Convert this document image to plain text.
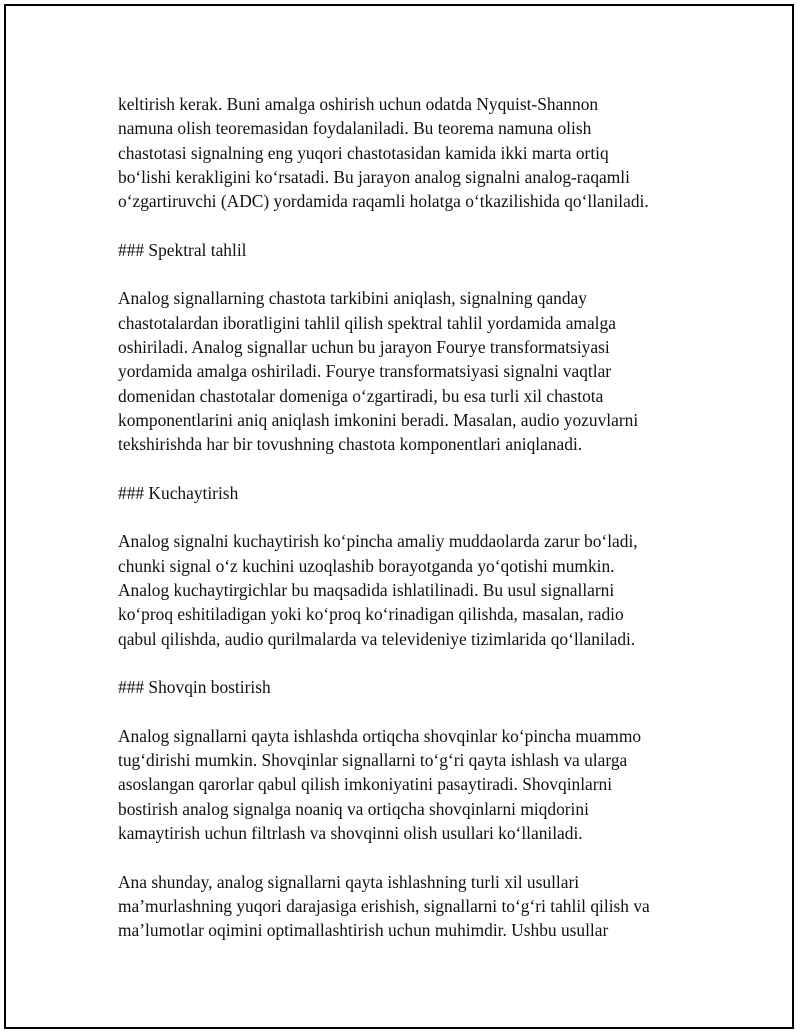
keltirish kerak. Buni amalga oshirish uchun odatda Nyquist-Shannon
namuna olish teoremasidan foydalaniladi. Bu teorema namuna olish
chastotasi signalning eng yuqori chastotasidan kamida ikki marta ortiq
bo‘lishi kerakligini ko‘rsatadi. Bu jarayon analog signalni analog-raqamli
o‘zgartiruvchi (ADC) yordamida raqamli holatga o‘tkazilishida qo‘llaniladi.
### Spektral tahlil
Analog signallarning chastota tarkibini aniqlash, signalning qanday
chastotalardan iboratligini tahlil qilish spektral tahlil yordamida amalga
oshiriladi. Analog signallar uchun bu jarayon Fourye transformatsiyasi
yordamida amalga oshiriladi. Fourye transformatsiyasi signalni vaqtlar
domenidan chastotalar domeniga o‘zgartiradi, bu esa turli xil chastota
komponentlarini aniq aniqlash imkonini beradi. Masalan, audio yozuvlarni
tekshirishda har bir tovushning chastota komponentlari aniqlanadi.
### Kuchaytirish
Analog signalni kuchaytirish ko‘pincha amaliy muddaolarda zarur bo‘ladi,
chunki signal o‘z kuchini uzoqlashib borayotganda yo‘qotishi mumkin.
Analog kuchaytirgichlar bu maqsadida ishlatilinadi. Bu usul signallarni
ko‘proq eshitiladigan yoki ko‘proq ko‘rinadigan qilishda, masalan, radio
qabul qilishda, audio qurilmalarda va televideniye tizimlarida qo‘llaniladi.
### Shovqin bostirish
Analog signallarni qayta ishlashda ortiqcha shovqinlar ko‘pincha muammo
tug‘dirishi mumkin. Shovqinlar signallarni to‘g‘ri qayta ishlash va ularga
asoslangan qarorlar qabul qilish imkoniyatini pasaytiradi. Shovqinlarni
bostirish analog signalga noaniq va ortiqcha shovqinlarni miqdorini
kamaytirish uchun filtrlash va shovqinni olish usullari ko‘llaniladi.
Ana shunday, analog signallarni qayta ishlashning turli xil usullari
ma’murlashning yuqori darajasiga erishish, signallarni to‘g‘ri tahlil qilish va
ma’lumotlar oqimini optimallashtirish uchun muhimdir. Ushbu usullar
